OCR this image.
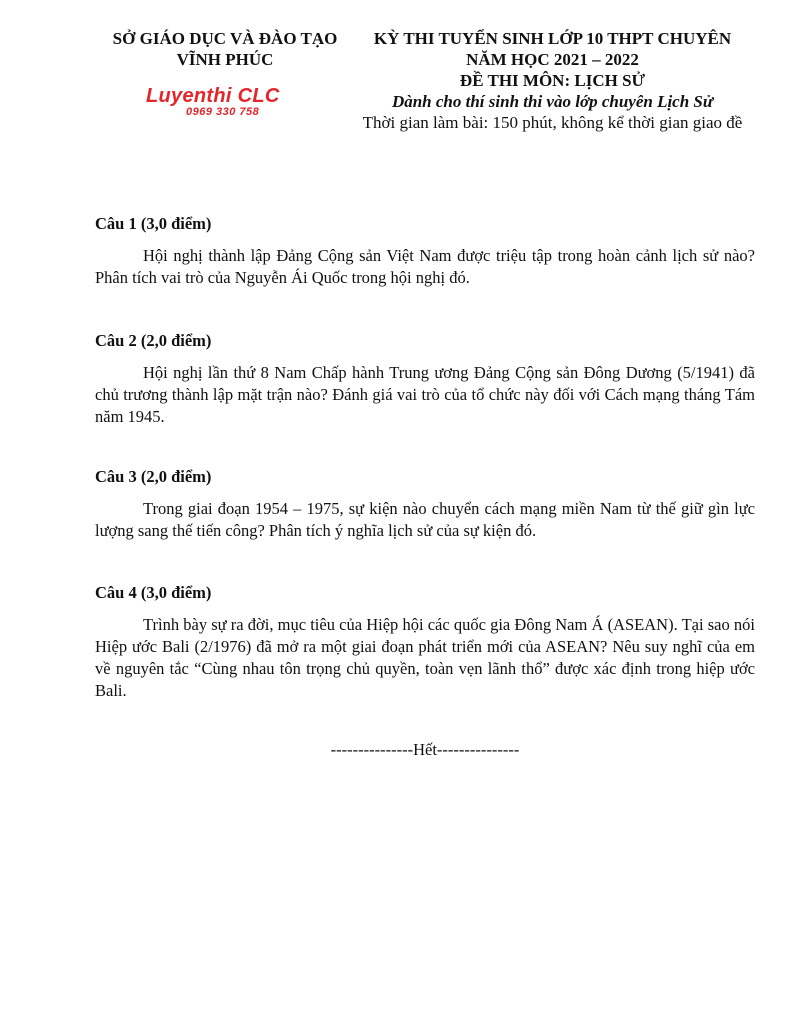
SỞ GIÁO DỤC VÀ ĐÀO TẠO
VĨNH PHÚC
Luyenthi CLC
0969 330 758
KỲ THI TUYỂN SINH LỚP 10 THPT CHUYÊN
NĂM HỌC 2021 – 2022
ĐỀ THI MÔN: LỊCH SỬ
Dành cho thí sinh thi vào lớp chuyên Lịch Sử
Thời gian làm bài: 150 phút, không kể thời gian giao đề

Câu 1 (3,0 điểm)

Hội nghị thành lập Đảng Cộng sản Việt Nam được triệu tập trong hoàn cảnh lịch sử nào? Phân tích vai trò của Nguyễn Ái Quốc trong hội nghị đó.

Câu 2 (2,0 điểm)

Hội nghị lần thứ 8 Nam Chấp hành Trung ương Đảng Cộng sản Đông Dương (5/1941) đã chủ trương thành lập mặt trận nào? Đánh giá vai trò của tổ chức này đối với Cách mạng tháng Tám năm 1945.

Câu 3 (2,0 điểm)

Trong giai đoạn 1954 – 1975, sự kiện nào chuyển cách mạng miền Nam từ thế giữ gìn lực lượng sang thế tiến công? Phân tích ý nghĩa lịch sử của sự kiện đó.

Câu 4 (3,0 điểm)

Trình bày sự ra đời, mục tiêu của Hiệp hội các quốc gia Đông Nam Á (ASEAN). Tại sao nói Hiệp ước Bali (2/1976) đã mở ra một giai đoạn phát triển mới của ASEAN? Nêu suy nghĩ của em về nguyên tắc “Cùng nhau tôn trọng chủ quyền, toàn vẹn lãnh thổ” được xác định trong hiệp ước Bali.

---------------Hết---------------
